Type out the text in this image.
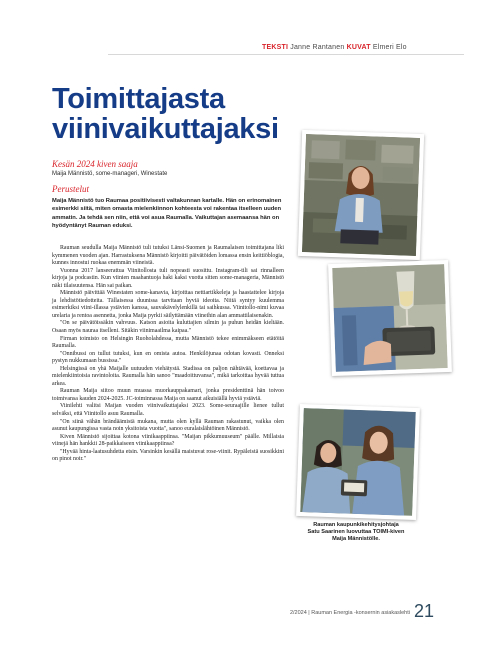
TEKSTI Janne Rantanen KUVAT Elmeri Elo
Toimittajasta
viinivaikuttajaksi
Kesän 2024 kiven saaja
Maija Männistö, some-manageri, Winestate
Perustelut
Maija Männistö tuo Raumaa positiivisesti valtakunnan kartalle. Hän on erinomainen esimerkki siitä, miten omasta mielenkiinnon kohteesta voi rakentaa itselleen uuden ammatin. Ja tehdä sen niin, että voi asua Raumalla. Vaikuttajan asemaansa hän on hyödyntänyt Rauman eduksi.

Rauman seudulla Maija Männistö tuli tutuksi Länsi-Suomen ja Raumalaisen toimittajana liki kymmenen vuoden ajan. Harrastuksena Männistö kirjoitti päivätöiden lomassa ensin keittiöblogia, kunnes innostui ruokaa enemmän viineistä.

Vuonna 2017 lanseerattua Viinitollosta tuli nopeasti suosittu. Instagram-tili sai rinnalleen kirjoja ja podcastin. Kun viinien maahantuoja haki kaksi vuotta sitten some-manageria, Männistö näki tilaisuutensa. Hän sai paikan.

Männistö päivittää Winestaten some-kanavia, kirjoittaa nettiartikkeleja ja haastattelee kirjoja ja lehdistötiedotteita. Tällaisessa duunissa tarvitaan hyviä ideoita. Niitä syntyy kuulemma esimerkiksi viini-illassa ystävien kanssa, sauvakävelylenkillä tai saihkussa. Viinitollo-nimi kuvaa urelaria ja rentoa asennetta, jonka Maija pyrkii säilyttämään viineihin alan ammattilaisenakin.

"On se päivätöissäkin vahvuus. Katson asioita kuluttajien silmin ja puhun heidän kieltään. Osaan myös nauraa itselleni. Sitäkin viinimaailma kaipaa."

Firman toimisto on Helsingin Ruoholahdessa, mutta Männistö tekee enimmäkseen etätöitä Raumalla.

"Onnibussi on tullut tutuksi, kun en omista autoa. Henkilöjunaa odotan kovasti. Onneksi pystyn nukkumaan bussissa."

Helsingissä on yhä Maijalle uutuuden viehätystä. Stadissa on paljon nähtävää, koettavaa ja mielenkiintoisia ravintoloita. Raumalla hän sanoo "maadoittuvansa", mikä tarkoittaa hyvää tuttua arkea.

Rauman Maija siitoo muun muassa muorkauppakamari, jonka presidenttinä hän toivoo toimivansa kauden 2024-2025. JC-toiminnassa Maija on saanut aikuisiällä hyviä ystäviä.

Viinilehti valitsi Maijan vuoden viinivaikuttajaksi 2023. Some-seuraajille lienee tullut selväksi, että Viinitollo asuu Raumalla.

"On siinä vähän brändäämistä mukana, mutta olen kyllä Rauman rakastunut, vaikka olen asunut kaupungissa vasta noin yksitoista vuotta", sanoo euralaislähtöinen Männistö.

Kiven Männistö sijoittaa kotona viinikaappiinsa. "Maijan pikkumuuseum" päälle. Millaisia viinejä hän hankkii 28-paikkaiseen viinikaappiinsa?

"Hyvää hinta-laatusuhdetta etsin. Varsinkin kesällä maistuvat rose-viinit. Rypäleistä suosikkini on pinot noir."

Rauman kaupunkikehitysjohtaja
Satu Saarinen luovuttaa TOIMI-kiven
Maija Männistölle.
2/2024 | Rauman Energia -konsernin asiakaslehti 21
